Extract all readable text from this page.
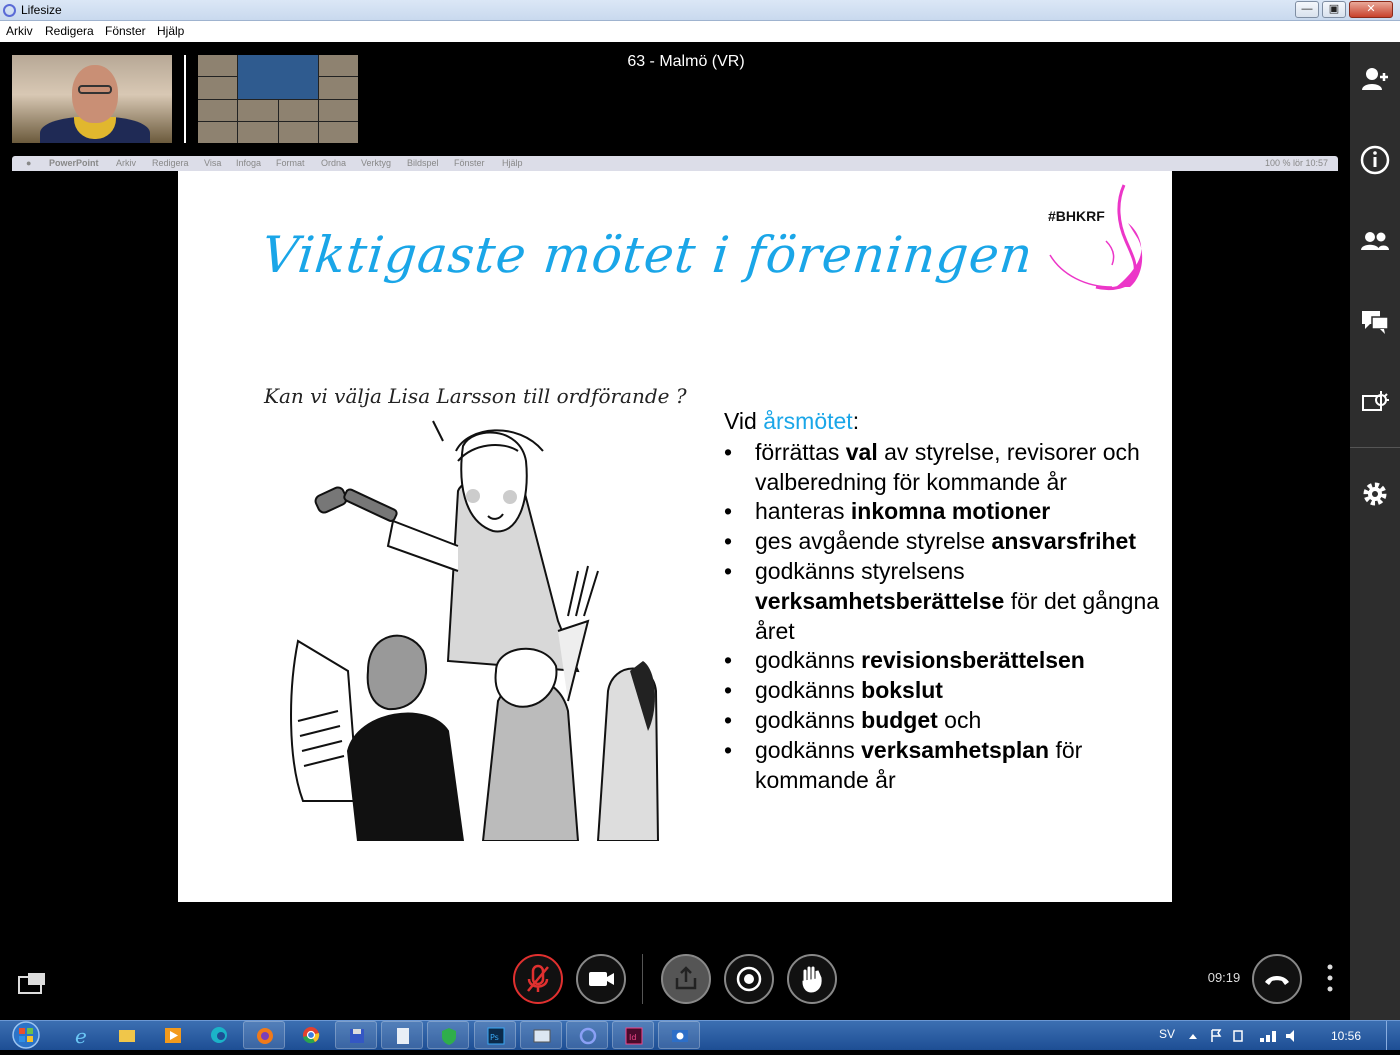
Lifesize	—	▣	✕
Arkiv Redigera Fönster Hjälp
63 - Malmö (VR)
● PowerPoint Arkiv Redigera Visa Infoga Format Ordna Verktyg Bildspel Fönster Hjälp	100 % lör 10:57
Viktigaste mötet i föreningen
#BHKRF
Kan vi välja Lisa Larsson till ordförande ?
Vid årsmötet:
• förrättas val av styrelse, revisorer och valberedning för kommande år
• hanteras inkomna motioner
• ges avgående styrelse ansvarsfrihet
• godkänns styrelsens verksamhetsberättelse för det gångna året
• godkänns revisionsberättelsen
• godkänns bokslut
• godkänns budget och
• godkänns verksamhetsplan för kommande år
09:19
e	Ps	Id	SV	10:56
